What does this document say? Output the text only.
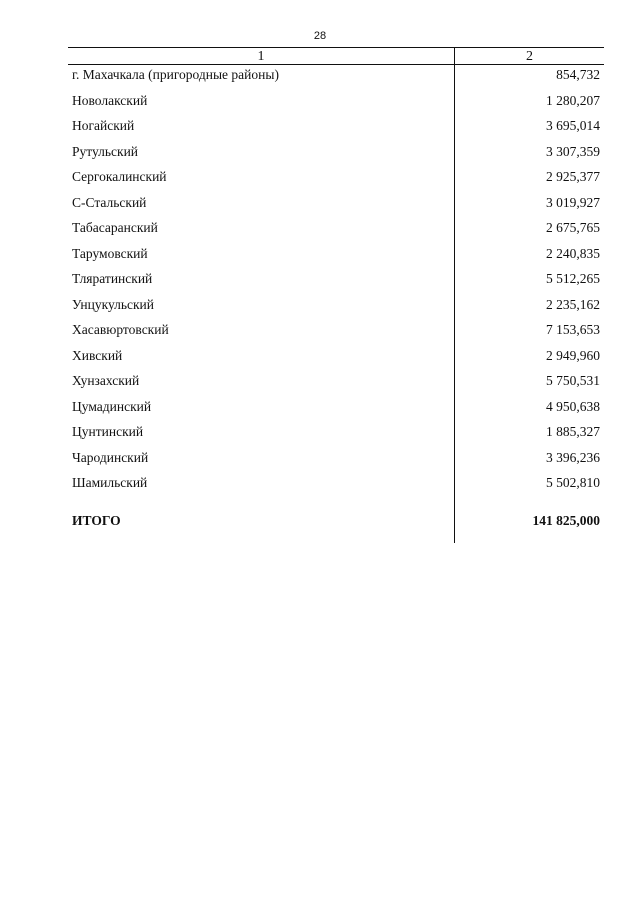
28
1	2
г. Махачкала (пригородные районы)	854,732
Новолакский	1 280,207
Ногайский	3 695,014
Рутульский	3 307,359
Сергокалинский	2 925,377
С-Стальский	3 019,927
Табасаранский	2 675,765
Тарумовский	2 240,835
Тляратинский	5 512,265
Унцукульский	2 235,162
Хасавюртовский	7 153,653
Хивский	2 949,960
Хунзахский	5 750,531
Цумадинский	4 950,638
Цунтинский	1 885,327
Чародинский	3 396,236
Шамильский	5 502,810
ИТОГО	141 825,000
